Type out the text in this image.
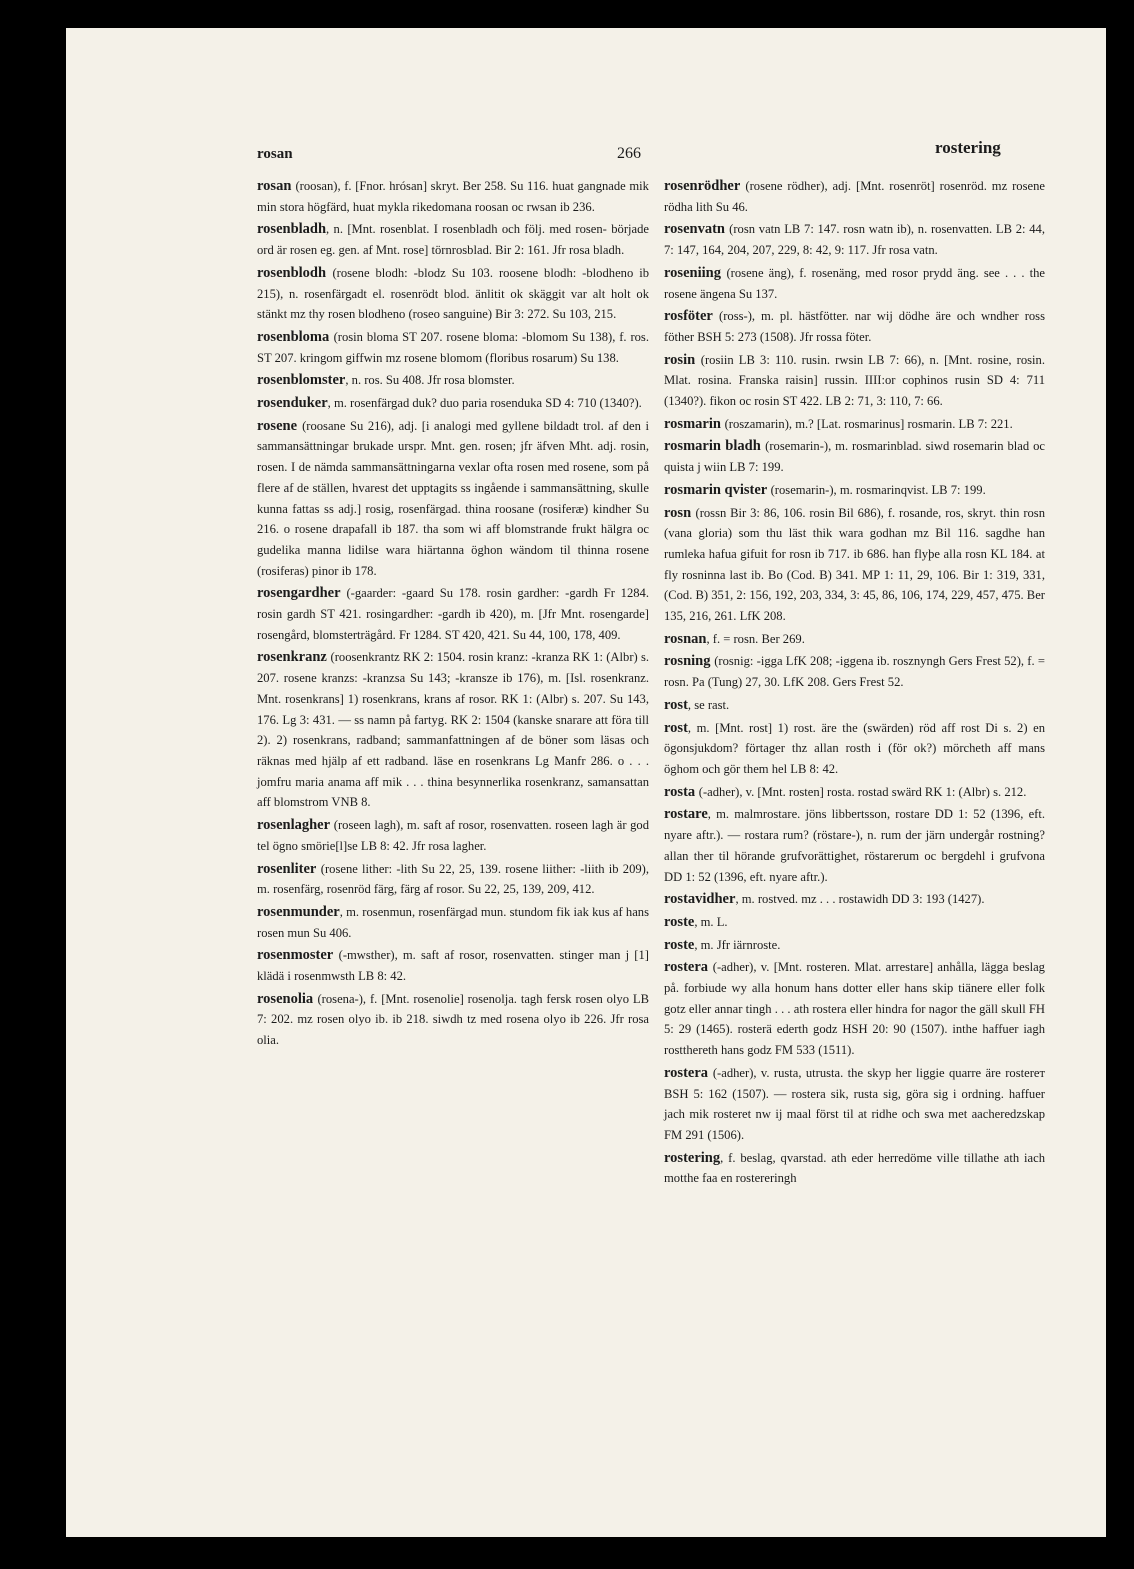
rosan	266	rostering

rosan (roosan), f. [Fnor. hrósan] skryt. Ber 258. Su 116. huat gangnade mik min stora högfärd, huat mykla rikedomana roosan oc rwsan ib 236.

rosenbladh, n. [Mnt. rosenblat. I rosenbladh och följ. med rosen- började ord är rosen eg. gen. af Mnt. rose] törnrosblad. Bir 2: 161. Jfr rosa bladh.

rosenblodh (rosene blodh: -blodz Su 103. roosene blodh: -blodheno ib 215), n. rosenfärgadt el. rosenrödt blod. änlitit ok skäggit var alt holt ok stänkt mz thy rosen blodheno (roseo sanguine) Bir 3: 272. Su 103, 215.

rosenbloma (rosin bloma ST 207. rosene bloma: -blomom Su 138), f. ros. ST 207. kringom giffwin mz rosene blomom (floribus rosarum) Su 138.

rosenblomster, n. ros. Su 408. Jfr rosa blomster.

rosenduker, m. rosenfärgad duk? duo paria rosenduka SD 4: 710 (1340?).

rosene (roosane Su 216), adj. [i analogi med gyllene bildadt trol. af den i sammansättningar brukade urspr. Mnt. gen. rosen; jfr äfven Mht. adj. rosin, rosen. I de nämda sammansättningarna vexlar ofta rosen med rosene, som på flere af de ställen, hvarest det upptagits ss ingående i sammansättning, skulle kunna fattas ss adj.] rosig, rosenfärgad. thina roosane (rosiferæ) kindher Su 216. o rosene drapafall ib 187. tha som wi aff blomstrande frukt hälgra oc gudelika manna lidilse wara hiärtanna öghon wändom til thinna rosene (rosiferas) pinor ib 178.

rosengardher (-gaarder: -gaard Su 178. rosin gardher: -gardh Fr 1284. rosin gardh ST 421. rosingardher: -gardh ib 420), m. [Jfr Mnt. rosengarde] rosengård, blomsterträgård. Fr 1284. ST 420, 421. Su 44, 100, 178, 409.

rosenkranz (roosenkrantz RK 2: 1504. rosin kranz: -kranza RK 1: (Albr) s. 207. rosene kranzs: -kranzsa Su 143; -kransze ib 176), m. [Isl. rosenkranz. Mnt. rosenkrans] 1) rosenkrans, krans af rosor. RK 1: (Albr) s. 207. Su 143, 176. Lg 3: 431. — ss namn på fartyg. RK 2: 1504 (kanske snarare att föra till 2). 2) rosenkrans, radband; sammanfattningen af de böner som läsas och räknas med hjälp af ett radband. läse en rosenkrans Lg Manfr 286. o . . . jomfru maria anama aff mik . . . thina besynnerlika rosenkranz, samansattan aff blomstrom VNB 8.

rosenlagher (roseen lagh), m. saft af rosor, rosenvatten. roseen lagh är god tel ögno smörie[l]se LB 8: 42. Jfr rosa lagher.

rosenliter (rosene lither: -lith Su 22, 25, 139. rosene liither: -liith ib 209), m. rosenfärg, rosenröd färg, färg af rosor. Su 22, 25, 139, 209, 412.

rosenmunder, m. rosenmun, rosenfärgad mun. stundom fik iak kus af hans rosen mun Su 406.

rosenmoster (-mwsther), m. saft af rosor, rosenvatten. stinger man j [1] klädä i rosenmwsth LB 8: 42.

rosenolia (rosena-), f. [Mnt. rosenolie] rosenolja. tagh fersk rosen olyo LB 7: 202. mz rosen olyo ib. ib 218. siwdh tz med rosena olyo ib 226. Jfr rosa olia.

rosenrödher (rosene rödher), adj. [Mnt. rosenröt] rosenröd. mz rosene rödha lith Su 46.

rosenvatn (rosn vatn LB 7: 147. rosn watn ib), n. rosenvatten. LB 2: 44, 7: 147, 164, 204, 207, 229, 8: 42, 9: 117. Jfr rosa vatn.

roseniing (rosene äng), f. rosenäng, med rosor prydd äng. see . . . the rosene ängena Su 137.

rosföter (ross-), m. pl. hästfötter. nar wij dödhe äre och wndher ross föther BSH 5: 273 (1508). Jfr rossa föter.

rosin (rosiin LB 3: 110. rusin. rwsin LB 7: 66), n. [Mnt. rosine, rosin. Mlat. rosina. Franska raisin] russin. IIII:or cophinos rusin SD 4: 711 (1340?). fikon oc rosin ST 422. LB 2: 71, 3: 110, 7: 66.

rosmarin (roszamarin), m.? [Lat. rosmarinus] rosmarin. LB 7: 221.

rosmarin bladh (rosemarin-), m. rosmarinblad. siwd rosemarin blad oc quista j wiin LB 7: 199.

rosmarin qvister (rosemarin-), m. rosmarinqvist. LB 7: 199.

rosn (rossn Bir 3: 86, 106. rosin Bil 686), f. rosande, ros, skryt. thin rosn (vana gloria) som thu läst thik wara godhan mz Bil 116. sagdhe han rumleka hafua gifuit for rosn ib 717. ib 686. han flyþe alla rosn KL 184. at fly rosninna last ib. Bo (Cod. B) 341. MP 1: 11, 29, 106. Bir 1: 319, 331, (Cod. B) 351, 2: 156, 192, 203, 334, 3: 45, 86, 106, 174, 229, 457, 475. Ber 135, 216, 261. LfK 208.

rosnan, f. = rosn. Ber 269.

rosning (rosnig: -igga LfK 208; -iggena ib. rosznyngh Gers Frest 52), f. = rosn. Pa (Tung) 27, 30. LfK 208. Gers Frest 52.

rost, se rast.

rost, m. [Mnt. rost] 1) rost. äre the (swärden) röd aff rost Di s. 2) en ögonsjukdom? förtager thz allan rosth i (för ok?) mörcheth aff mans öghom och gör them hel LB 8: 42.

rosta (-adher), v. [Mnt. rosten] rosta. rostad swärd RK 1: (Albr) s. 212.

rostare, m. malmrostare. jöns libbertsson, rostare DD 1: 52 (1396, eft. nyare aftr.). — rostara rum? (röstare-), n. rum der järn undergår rostning? allan ther til hörande grufvorättighet, röstarerum oc bergdehl i grufvona DD 1: 52 (1396, eft. nyare aftr.).

rostavidher, m. rostved. mz . . . rostawidh DD 3: 193 (1427).

roste, m. L.

roste, m. Jfr iärnroste.

rostera (-adher), v. [Mnt. rosteren. Mlat. arrestare] anhålla, lägga beslag på. forbiude wy alla honum hans dotter eller hans skip tiänere eller folk gotz eller annar tingh . . . ath rostera eller hindra for nagor the gäll skull FH 5: 29 (1465). rosterä ederth godz HSH 20: 90 (1507). inthe haffuer iagh rostthereth hans godz FM 533 (1511).

rostera (-adher), v. rusta, utrusta. the skyp her liggie quarre äre rostereт BSH 5: 162 (1507). — rostera sik, rusta sig, göra sig i ordning. haffuer jach mik rosteret nw ij maal först til at ridhe och swa met aacheredzskap FM 291 (1506).

rostering, f. beslag, qvarstad. ath eder herredöme ville tillathe ath iach motthe faa en rostereringh
